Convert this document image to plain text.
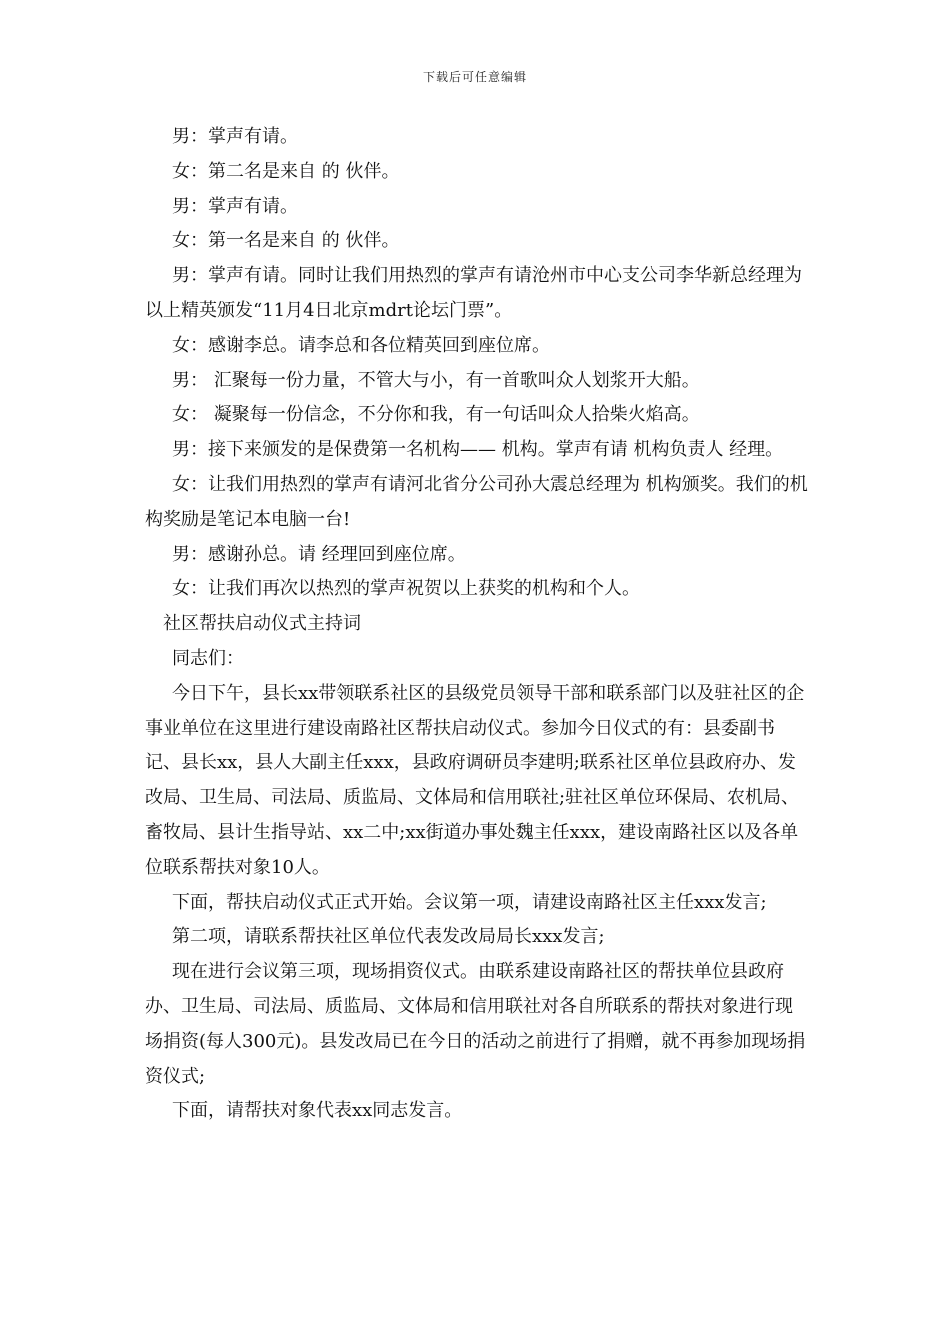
下载后可任意编辑

男：掌声有请。

女：第二名是来自 的 伙伴。

男：掌声有请。

女：第一名是来自 的 伙伴。

男：掌声有请。同时让我们用热烈的掌声有请沧州市中心支公司李华新总经理为以上精英颁发“11月4日北京mdrt论坛门票”。

女：感谢李总。请李总和各位精英回到座位席。

男： 汇聚每一份力量，不管大与小，有一首歌叫众人划浆开大船。

女： 凝聚每一份信念，不分你和我，有一句话叫众人拾柴火焰高。

男：接下来颁发的是保费第一名机构—— 机构。掌声有请 机构负责人 经理。

女：让我们用热烈的掌声有请河北省分公司孙大震总经理为 机构颁奖。我们的机构奖励是笔记本电脑一台!

男：感谢孙总。请 经理回到座位席。

女：让我们再次以热烈的掌声祝贺以上获奖的机构和个人。

社区帮扶启动仪式主持词

同志们：

今日下午，县长xx带领联系社区的县级党员领导干部和联系部门以及驻社区的企事业单位在这里进行建设南路社区帮扶启动仪式。参加今日仪式的有：县委副书记、县长xx，县人大副主任xxx，县政府调研员李建明;联系社区单位县政府办、发改局、卫生局、司法局、质监局、文体局和信用联社;驻社区单位环保局、农机局、畜牧局、县计生指导站、xx二中;xx街道办事处魏主任xxx，建设南路社区以及各单位联系帮扶对象10人。

下面，帮扶启动仪式正式开始。会议第一项，请建设南路社区主任xxx发言;

第二项，请联系帮扶社区单位代表发改局局长xxx发言;

现在进行会议第三项，现场捐资仪式。由联系建设南路社区的帮扶单位县政府办、卫生局、司法局、质监局、文体局和信用联社对各自所联系的帮扶对象进行现场捐资(每人300元)。县发改局已在今日的活动之前进行了捐赠，就不再参加现场捐资仪式;

下面，请帮扶对象代表xx同志发言。
